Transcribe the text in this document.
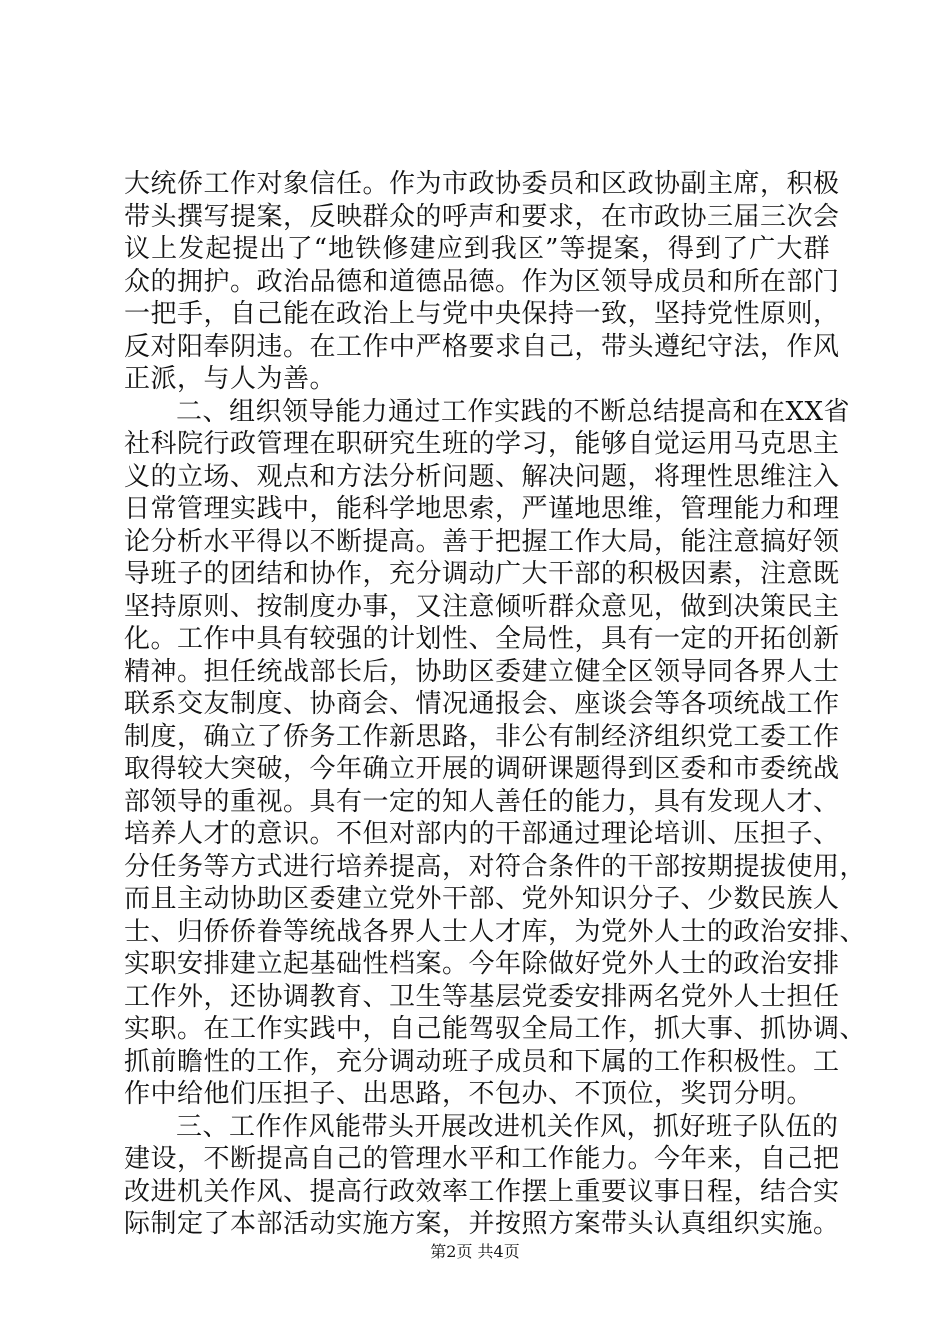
大统侨工作对象信任。作为市政协委员和区政协副主席，积极
带头撰写提案，反映群众的呼声和要求，在市政协三届三次会
议上发起提出了“地铁修建应到我区”等提案，得到了广大群
众的拥护。政治品德和道德品德。作为区领导成员和所在部门
一把手，自己能在政治上与党中央保持一致，坚持党性原则，
反对阳奉阴违。在工作中严格要求自己，带头遵纪守法，作风
正派，与人为善。
二、组织领导能力通过工作实践的不断总结提高和在XX省
社科院行政管理在职研究生班的学习，能够自觉运用马克思主
义的立场、观点和方法分析问题、解决问题，将理性思维注入
日常管理实践中，能科学地思索，严谨地思维，管理能力和理
论分析水平得以不断提高。善于把握工作大局，能注意搞好领
导班子的团结和协作，充分调动广大干部的积极因素，注意既
坚持原则、按制度办事，又注意倾听群众意见，做到决策民主
化。工作中具有较强的计划性、全局性，具有一定的开拓创新
精神。担任统战部长后，协助区委建立健全区领导同各界人士
联系交友制度、协商会、情况通报会、座谈会等各项统战工作
制度，确立了侨务工作新思路，非公有制经济组织党工委工作
取得较大突破，今年确立开展的调研课题得到区委和市委统战
部领导的重视。具有一定的知人善任的能力，具有发现人才、
培养人才的意识。不但对部内的干部通过理论培训、压担子、
分任务等方式进行培养提高，对符合条件的干部按期提拔使用，
而且主动协助区委建立党外干部、党外知识分子、少数民族人
士、归侨侨眷等统战各界人士人才库，为党外人士的政治安排、
实职安排建立起基础性档案。今年除做好党外人士的政治安排
工作外，还协调教育、卫生等基层党委安排两名党外人士担任
实职。在工作实践中，自己能驾驭全局工作，抓大事、抓协调、
抓前瞻性的工作，充分调动班子成员和下属的工作积极性。工
作中给他们压担子、出思路，不包办、不顶位，奖罚分明。
三、工作作风能带头开展改进机关作风，抓好班子队伍的
建设，不断提高自己的管理水平和工作能力。今年来，自己把
改进机关作风、提高行政效率工作摆上重要议事日程，结合实
际制定了本部活动实施方案，并按照方案带头认真组织实施。
第2页 共4页
